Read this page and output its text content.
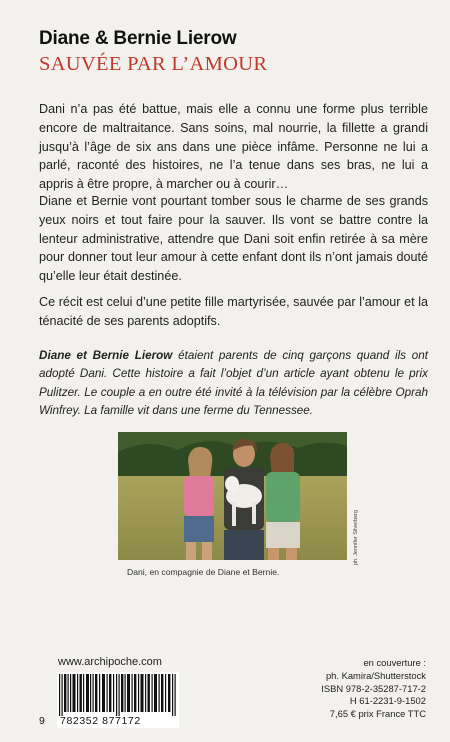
Diane & Bernie Lierow
SAUVÉE PAR L’AMOUR

Dani n’a pas été battue, mais elle a connu une forme plus terrible encore de maltraitance. Sans soins, mal nourrie, la fillette a grandi jusqu’à l’âge de six ans dans une pièce infâme. Personne ne lui a parlé, raconté des histoires, ne l’a tenue dans ses bras, ne lui a appris à être propre, à marcher ou à courir…

Diane et Bernie vont pourtant tomber sous le charme de ses grands yeux noirs et tout faire pour la sauver. Ils vont se battre contre la lenteur administrative, attendre que Dani soit enfin retirée à sa mère pour donner tout leur amour à cette enfant dont ils n’ont jamais douté qu’elle leur était destinée.

Ce récit est celui d’une petite fille martyrisée, sauvée par l’amour et la ténacité de ses parents adoptifs.

Diane et Bernie Lierow étaient parents de cinq garçons quand ils ont adopté Dani. Cette histoire a fait l’objet d’un article ayant obtenu le prix Pulitzer. Le couple a en outre été invité à la télévision par la célèbre Oprah Winfrey. La famille vit dans une ferme du Tennessee.

ph. Jennifer Silverberg
Dani, en compagnie de Diane et Bernie.
www.archipoche.com
9 782352 877172
en couverture :
ph. Kamira/Shutterstock
ISBN 978-2-35287-717-2
H 61-2231-9-1502
7,65 € prix France TTC
